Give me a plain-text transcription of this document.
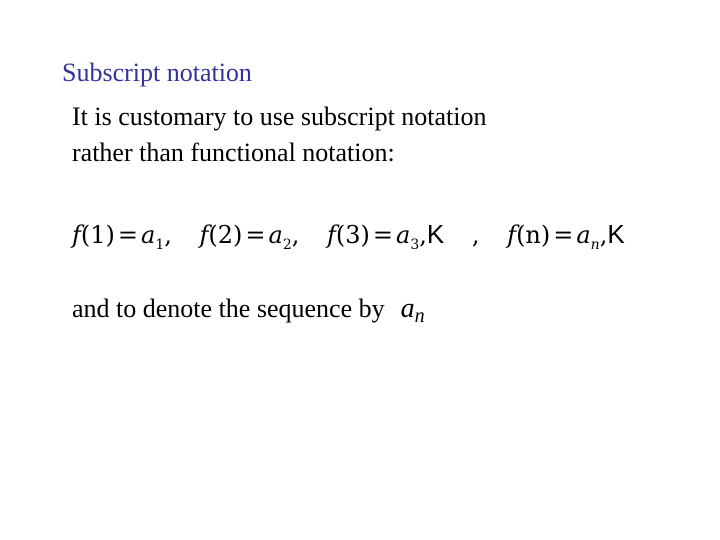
Subscript notation
It is customary to use subscript notation
rather than functional notation:
$f(1) = a_1$, $f(2) = a_2$, $f(3) = a_3,K$ , $f(n) = a_n,K$
and to denote the sequence by $a_n$
